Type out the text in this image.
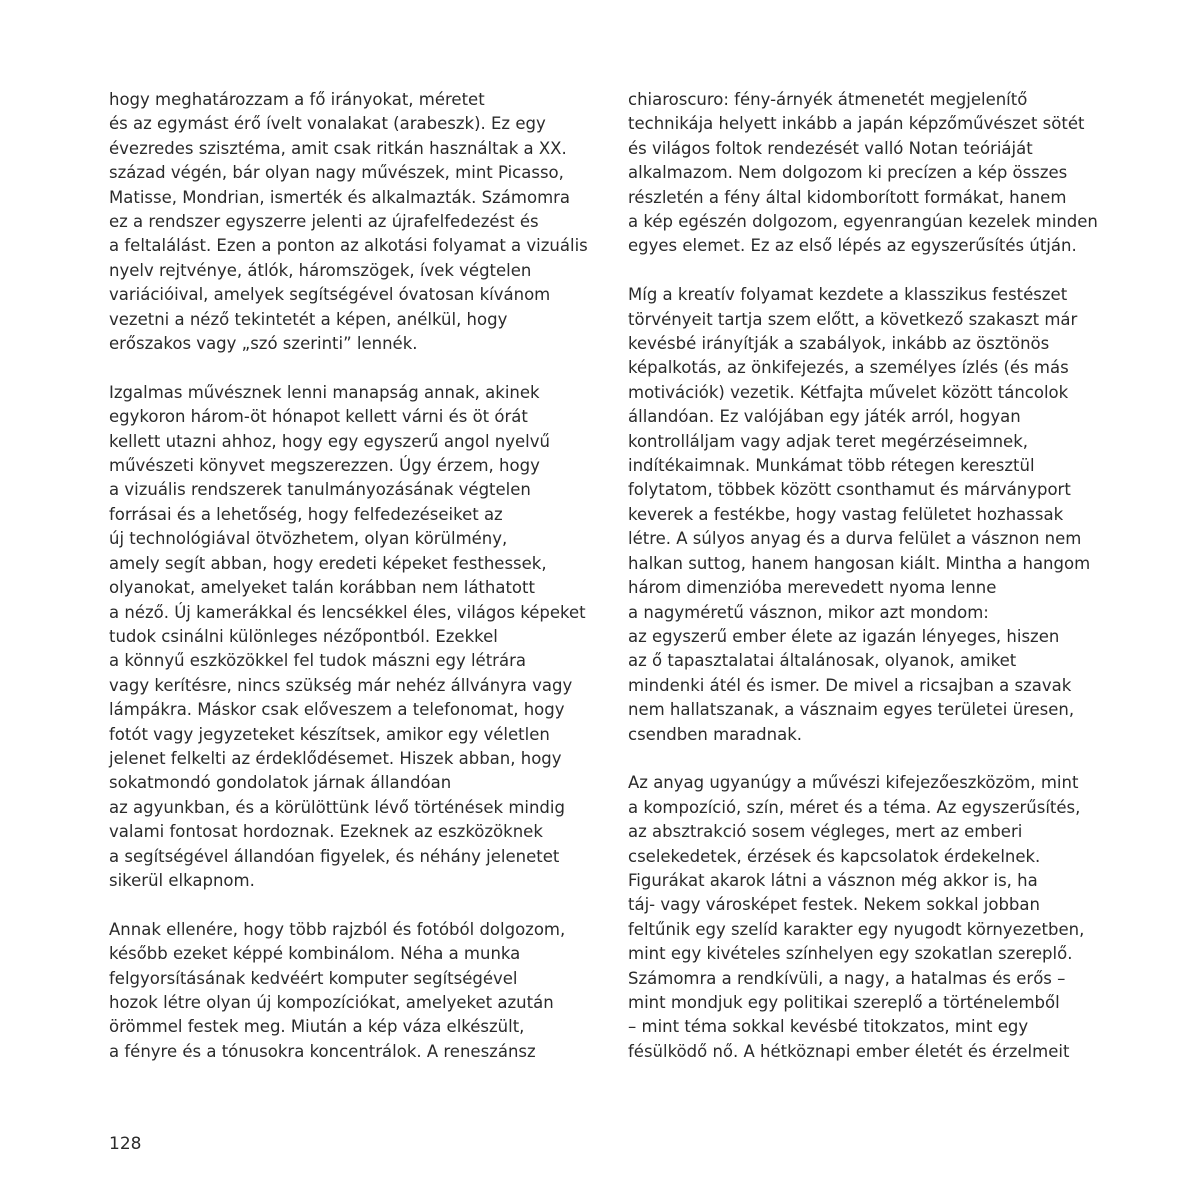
hogy meghatározzam a fő irányokat, méretet
és az egymást érő ívelt vonalakat (arabeszk). Ez egy
évezredes szisztéma, amit csak ritkán használtak a XX.
század végén, bár olyan nagy művészek, mint Picasso,
Matisse, Mondrian, ismerték és alkalmazták. Számomra
ez a rendszer egyszerre jelenti az újrafelfedezést és
a feltalálást. Ezen a ponton az alkotási folyamat a vizuális
nyelv rejtvénye, átlók, háromszögek, ívek végtelen
variációival, amelyek segítségével óvatosan kívánom
vezetni a néző tekintetét a képen, anélkül, hogy
erőszakos vagy „szó szerinti” lennék.
Izgalmas művésznek lenni manapság annak, akinek
egykoron három-öt hónapot kellett várni és öt órát
kellett utazni ahhoz, hogy egy egyszerű angol nyelvű
művészeti könyvet megszerezzen. Úgy érzem, hogy
a vizuális rendszerek tanulmányozásának végtelen
forrásai és a lehetőség, hogy felfedezéseiket az
új technológiával ötvözhetem, olyan körülmény,
amely segít abban, hogy eredeti képeket festhessek,
olyanokat, amelyeket talán korábban nem láthatott
a néző. Új kamerákkal és lencsékkel éles, világos képeket
tudok csinálni különleges nézőpontból. Ezekkel
a könnyű eszközökkel fel tudok mászni egy létrára
vagy kerítésre, nincs szükség már nehéz állványra vagy
lámpákra. Máskor csak előveszem a telefonomat, hogy
fotót vagy jegyzeteket készítsek, amikor egy véletlen
jelenet felkelti az érdeklődésemet. Hiszek abban, hogy
sokatmondó gondolatok járnak állandóan
az agyunkban, és a körülöttünk lévő történések mindig
valami fontosat hordoznak. Ezeknek az eszközöknek
a segítségével állandóan figyelek, és néhány jelenetet
sikerül elkapnom.
Annak ellenére, hogy több rajzból és fotóból dolgozom,
később ezeket képpé kombinálom. Néha a munka
felgyorsításának kedvéért komputer segítségével
hozok létre olyan új kompozíciókat, amelyeket azután
örömmel festek meg. Miután a kép váza elkészült,
a fényre és a tónusokra koncentrálok. A reneszánsz
chiaroscuro: fény-árnyék átmenetét megjelenítő
technikája helyett inkább a japán képzőművészet sötét
és világos foltok rendezését valló Notan teóriáját
alkalmazom. Nem dolgozom ki precízen a kép összes
részletén a fény által kidomborított formákat, hanem
a kép egészén dolgozom, egyenrangúan kezelek minden
egyes elemet. Ez az első lépés az egyszerűsítés útján.
Míg a kreatív folyamat kezdete a klasszikus festészet
törvényeit tartja szem előtt, a következő szakaszt már
kevésbé irányítják a szabályok, inkább az ösztönös
képalkotás, az önkifejezés, a személyes ízlés (és más
motivációk) vezetik. Kétfajta művelet között táncolok
állandóan. Ez valójában egy játék arról, hogyan
kontrolláljam vagy adjak teret megérzéseimnek,
indítékaimnak. Munkámat több rétegen keresztül
folytatom, többek között csonthamut és márványport
keverek a festékbe, hogy vastag felületet hozhassak
létre. A súlyos anyag és a durva felület a vásznon nem
halkan suttog, hanem hangosan kiált. Mintha a hangom
három dimenzióba merevedett nyoma lenne
a nagyméretű vásznon, mikor azt mondom:
az egyszerű ember élete az igazán lényeges, hiszen
az ő tapasztalatai általánosak, olyanok, amiket
mindenki átél és ismer. De mivel a ricsajban a szavak
nem hallatszanak, a vásznaim egyes területei üresen,
csendben maradnak.
Az anyag ugyanúgy a művészi kifejezőeszközöm, mint
a kompozíció, szín, méret és a téma. Az egyszerűsítés,
az absztrakció sosem végleges, mert az emberi
cselekedetek, érzések és kapcsolatok érdekelnek.
Figurákat akarok látni a vásznon még akkor is, ha
táj- vagy városképet festek. Nekem sokkal jobban
feltűnik egy szelíd karakter egy nyugodt környezetben,
mint egy kivételes színhelyen egy szokatlan szereplő.
Számomra a rendkívüli, a nagy, a hatalmas és erős –
mint mondjuk egy politikai szereplő a történelemből
– mint téma sokkal kevésbé titokzatos, mint egy
fésülködő nő. A hétköznapi ember életét és érzelmeit
128
